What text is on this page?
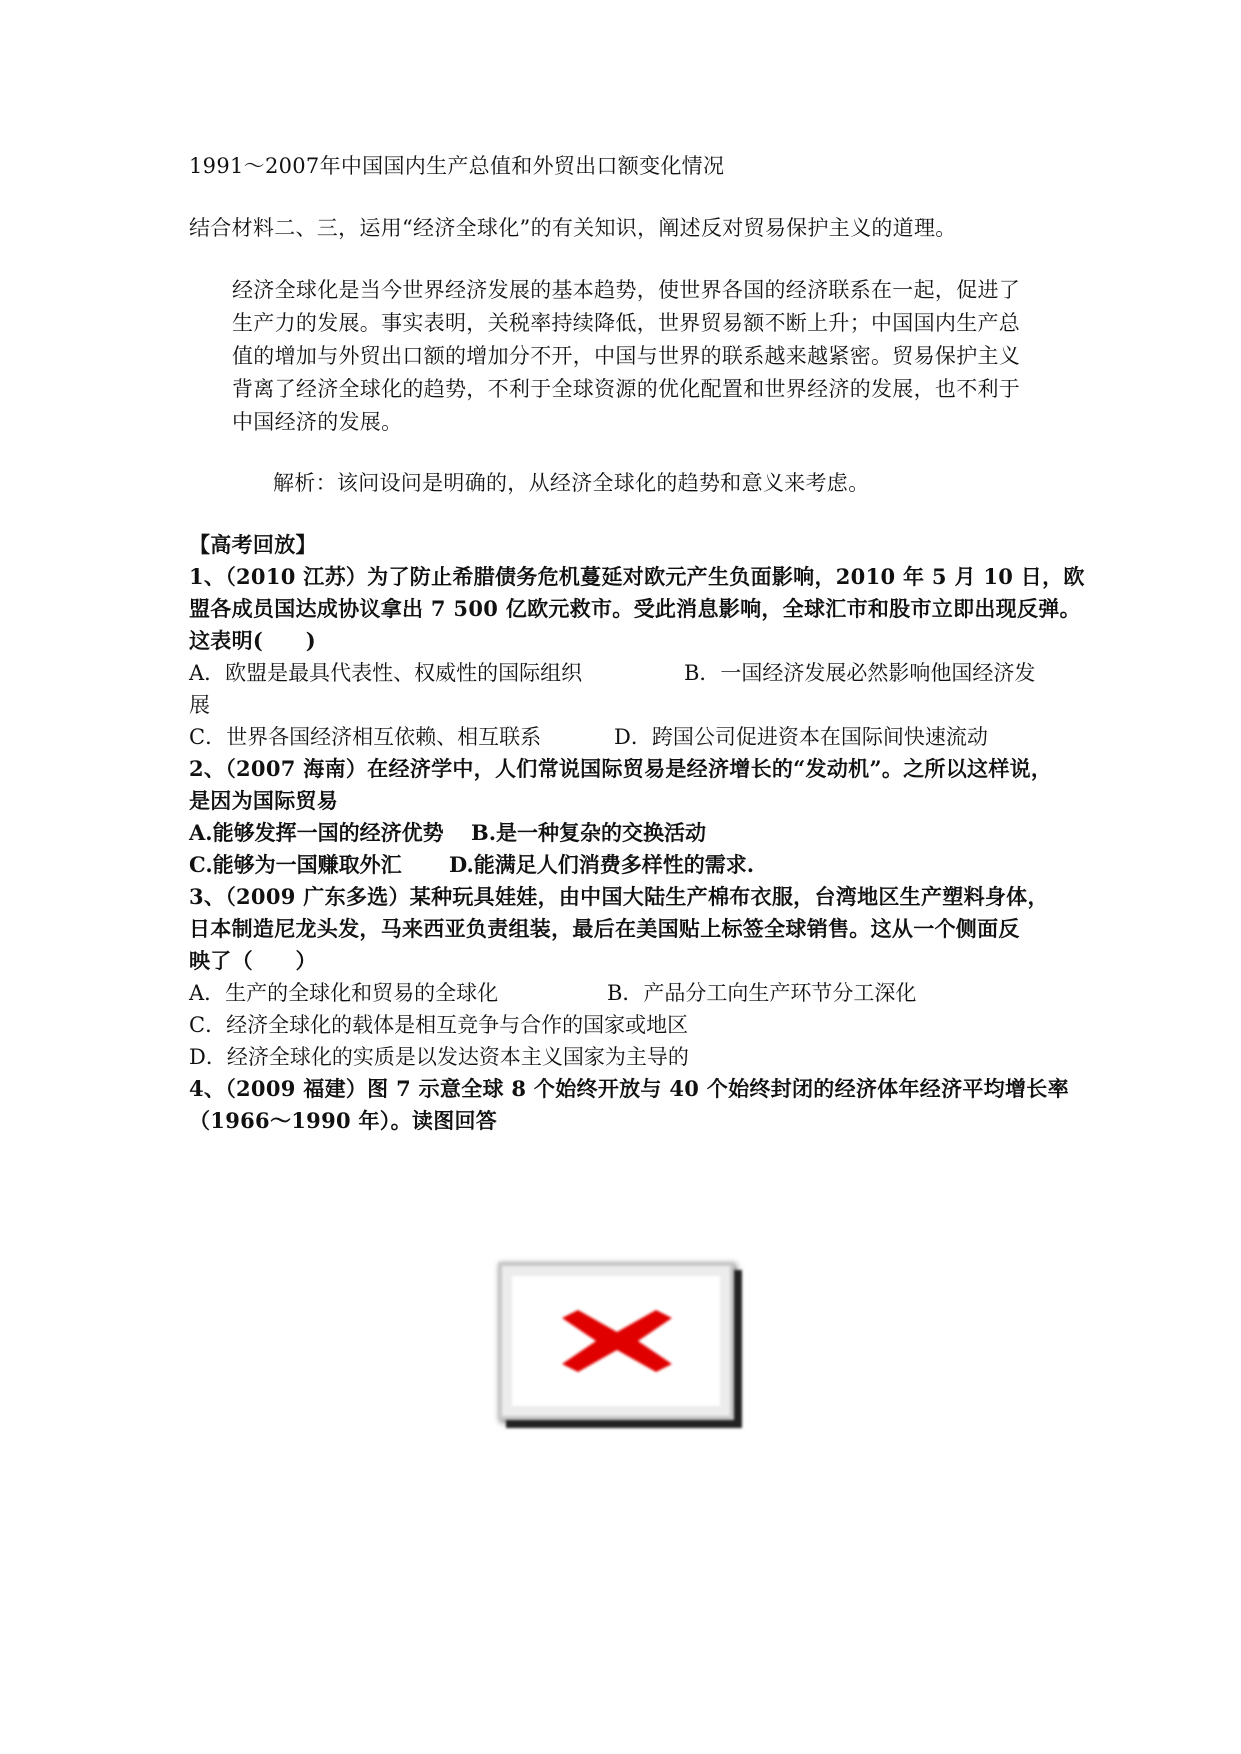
1991～2007年中国国内生产总值和外贸出口额变化情况
结合材料二、三，运用“经济全球化”的有关知识，阐述反对贸易保护主义的道理。
经济全球化是当今世界经济发展的基本趋势，使世界各国的经济联系在一起，促进了
生产力的发展。事实表明，关税率持续降低，世界贸易额不断上升；中国国内生产总
值的增加与外贸出口额的增加分不开，中国与世界的联系越来越紧密。贸易保护主义
背离了经济全球化的趋势，不利于全球资源的优化配置和世界经济的发展，也不利于
中国经济的发展。
解析：该问设问是明确的，从经济全球化的趋势和意义来考虑。
【高考回放】
1、（2010 江苏）为了防止希腊债务危机蔓延对欧元产生负面影响，2010 年 5 月 10 日，欧
盟各成员国达成协议拿出 7 500 亿欧元救市。受此消息影响，全球汇市和股市立即出现反弹。
这表明(　　)
A．欧盟是最具代表性、权威性的国际组织	B．一国经济发展必然影响他国经济发
展
C．世界各国经济相互依赖、相互联系	D．跨国公司促进资本在国际间快速流动
2、（2007 海南）在经济学中，人们常说国际贸易是经济增长的“发动机”。之所以这样说，
是因为国际贸易
A.能够发挥一国的经济优势 B.是一种复杂的交换活动
C.能够为一国赚取外汇 D.能满足人们消费多样性的需求.
3、（2009 广东多选）某种玩具娃娃，由中国大陆生产棉布衣服，台湾地区生产塑料身体，
日本制造尼龙头发，马来西亚负责组装，最后在美国贴上标签全球销售。这从一个侧面反
映了（　　）
A．生产的全球化和贸易的全球化	B．产品分工向生产环节分工深化
C．经济全球化的载体是相互竞争与合作的国家或地区
D．经济全球化的实质是以发达资本主义国家为主导的
4、（2009 福建）图 7 示意全球 8 个始终开放与 40 个始终封闭的经济体年经济平均增长率
（1966～1990 年）。读图回答
